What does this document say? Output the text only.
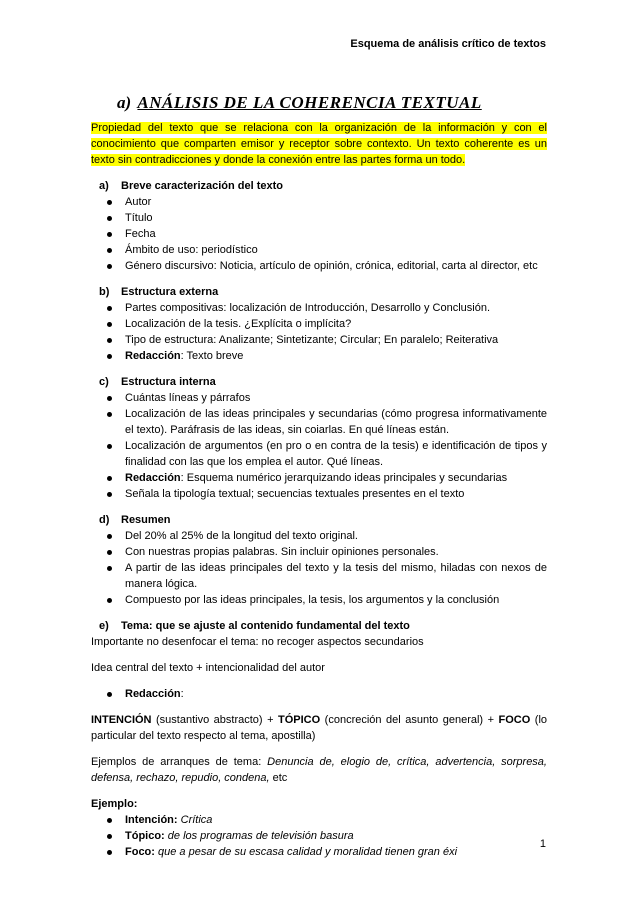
Esquema de análisis crítico de textos
a) ANÁLISIS DE LA COHERENCIA TEXTUAL

Propiedad del texto que se relaciona con la organización de la información y con el conocimiento que comparten emisor y receptor sobre contexto. Un texto coherente es un texto sin contradicciones y donde la conexión entre las partes forma un todo.

a)	Breve caracterización del texto
Autor
Título
Fecha
Ámbito de uso: periodístico
Género discursivo: Noticia, artículo de opinión, crónica, editorial, carta al director, etc
b)	Estructura externa
Partes compositivas: localización de Introducción, Desarrollo y Conclusión.
Localización de la tesis. ¿Explícita o implícita?
Tipo de estructura: Analizante; Sintetizante; Circular; En paralelo; Reiterativa
Redacción: Texto breve
c)	Estructura interna
Cuántas líneas y párrafos
Localización de las ideas principales y secundarias (cómo progresa informativamente el texto). Paráfrasis de las ideas, sin coiarlas. En qué líneas están.
Localización de argumentos (en pro o en contra de la tesis) e identificación de tipos y finalidad con las que los emplea el autor. Qué líneas.
Redacción: Esquema numérico jerarquizando ideas principales y secundarias
Señala la tipología textual; secuencias textuales presentes en el texto
d)	Resumen
Del 20% al 25% de la longitud del texto original.
Con nuestras propias palabras. Sin incluir opiniones personales.
A partir de las ideas principales del texto y la tesis del mismo, hiladas con nexos de manera lógica.
Compuesto por las ideas principales, la tesis, los argumentos y la conclusión
e)	Tema: que se ajuste al contenido fundamental del texto

Importante no desenfocar el tema: no recoger aspectos secundarios

Idea central del texto + intencionalidad del autor

Redacción:

INTENCIÓN (sustantivo abstracto) + TÓPICO (concreción del asunto general) + FOCO (lo particular del texto respecto al tema, apostilla)

Ejemplos de arranques de tema: Denuncia de, elogio de, crítica, advertencia, sorpresa, defensa, rechazo, repudio, condena, etc

Ejemplo:

Intención: Crítica
Tópico: de los programas de televisión basura
Foco: que a pesar de su escasa calidad y moralidad tienen gran éxi
1
